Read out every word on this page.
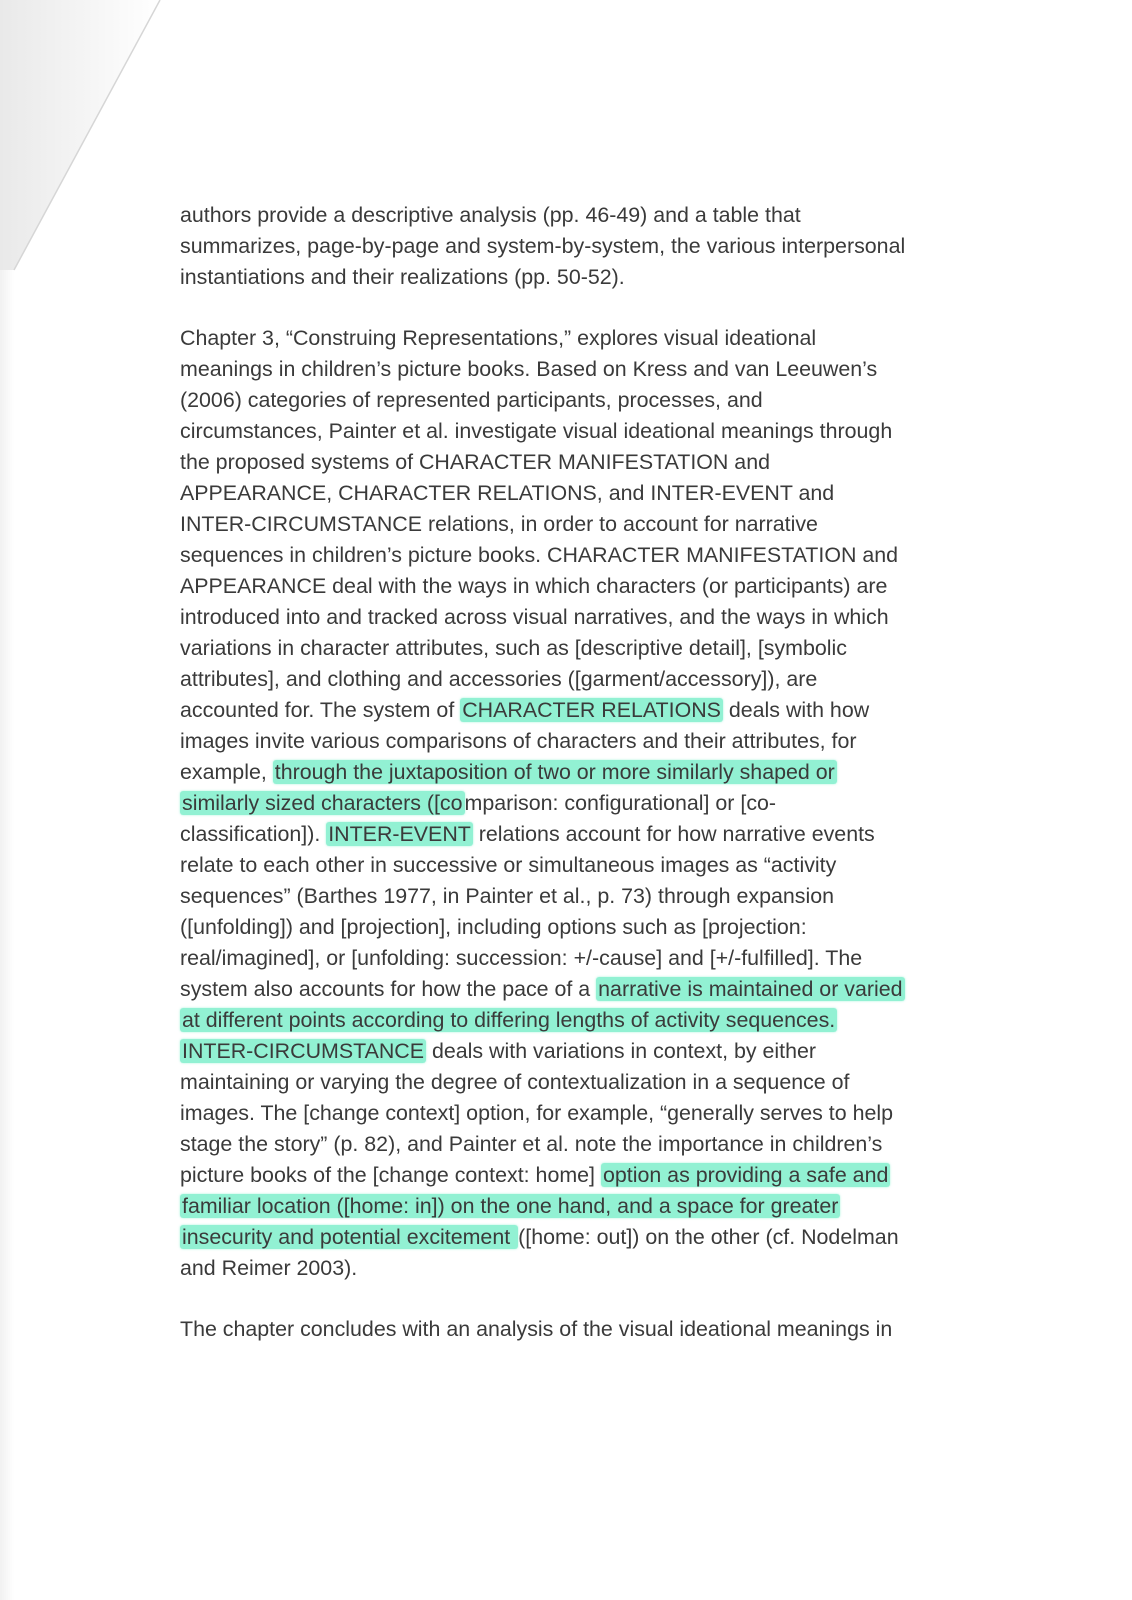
authors provide a descriptive analysis (pp. 46-49) and a table that
summarizes, page-by-page and system-by-system, the various interpersonal
instantiations and their realizations (pp. 50-52).
Chapter 3, “Construing Representations,” explores visual ideational
meanings in children’s picture books. Based on Kress and van Leeuwen’s
(2006) categories of represented participants, processes, and
circumstances, Painter et al. investigate visual ideational meanings through
the proposed systems of CHARACTER MANIFESTATION and
APPEARANCE, CHARACTER RELATIONS, and INTER-EVENT and
INTER-CIRCUMSTANCE relations, in order to account for narrative
sequences in children’s picture books. CHARACTER MANIFESTATION and
APPEARANCE deal with the ways in which characters (or participants) are
introduced into and tracked across visual narratives, and the ways in which
variations in character attributes, such as [descriptive detail], [symbolic
attributes], and clothing and accessories ([garment/accessory]), are
accounted for. The system of CHARACTER RELATIONS deals with how
images invite various comparisons of characters and their attributes, for
example, through the juxtaposition of two or more similarly shaped or
similarly sized characters ([comparison: configurational] or [co-
classification]). INTER-EVENT relations account for how narrative events
relate to each other in successive or simultaneous images as “activity
sequences” (Barthes 1977, in Painter et al., p. 73) through expansion
([unfolding]) and [projection], including options such as [projection:
real/imagined], or [unfolding: succession: +/-cause] and [+/-fulfilled]. The
system also accounts for how the pace of a narrative is maintained or varied
at different points according to differing lengths of activity sequences.
INTER-CIRCUMSTANCE deals with variations in context, by either
maintaining or varying the degree of contextualization in a sequence of
images. The [change context] option, for example, “generally serves to help
stage the story” (p. 82), and Painter et al. note the importance in children’s
picture books of the [change context: home] option as providing a safe and
familiar location ([home: in]) on the one hand, and a space for greater
insecurity and potential excitement ([home: out]) on the other (cf. Nodelman
and Reimer 2003).
The chapter concludes with an analysis of the visual ideational meanings in
